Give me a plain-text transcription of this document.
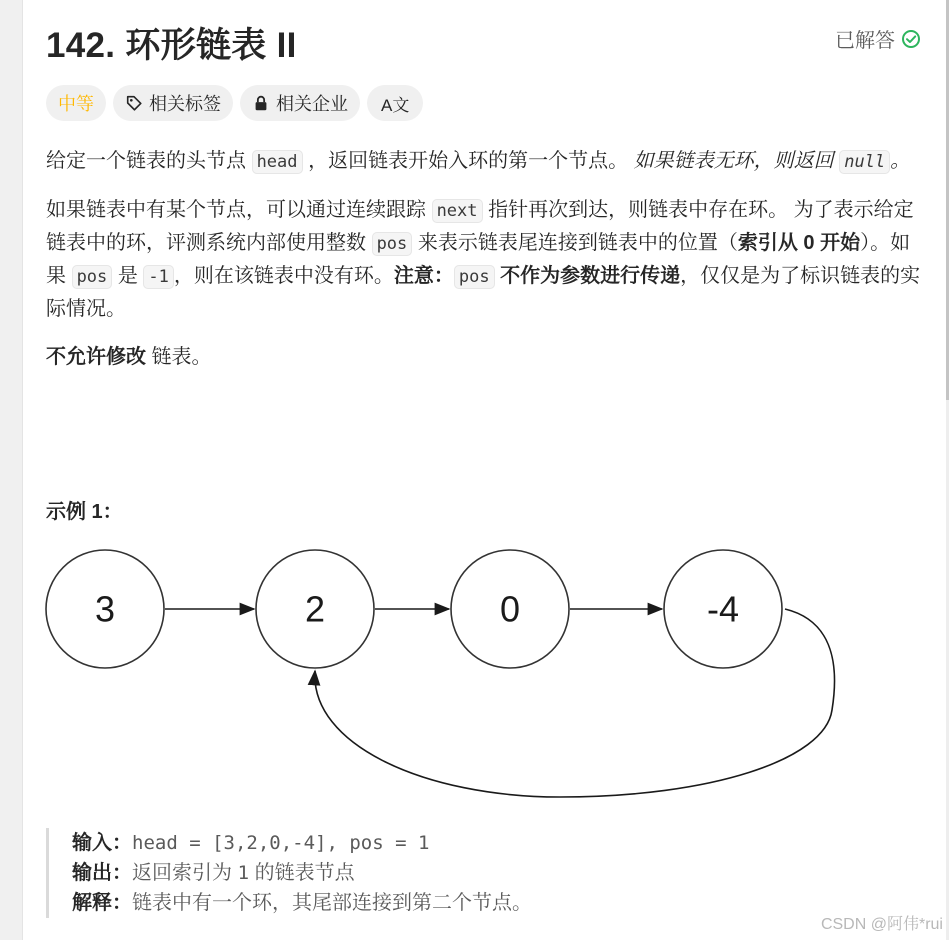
142. 环形链表 II	已解答
中等	相关标签	相关企业 A文

给定一个链表的头节点 head ，返回链表开始入环的第一个节点。 如果链表无环，则返回 null 。

如果链表中有某个节点，可以通过连续跟踪 next 指针再次到达，则链表中存在环。 为了表示给定链表中的环，评测系统内部使用整数 pos 来表示链表尾连接到链表中的位置（索引从 0 开始）。如果 pos 是 -1 ，则在该链表中没有环。注意： pos 不作为参数进行传递，仅仅是为了标识链表的实际情况。

不允许修改 链表。

示例 1：
3	2	0	-4
输入：head = [3,2,0,-4], pos = 1
输出：返回索引为 1 的链表节点
解释：链表中有一个环，其尾部连接到第二个节点。
CSDN @阿伟*rui
